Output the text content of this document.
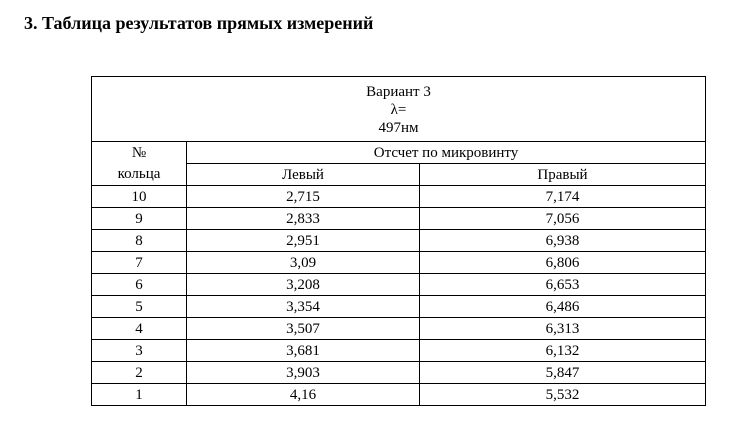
3. Таблица результатов прямых измерений
Вариант 3
λ=
497нм		

№	Отсчет по микровинту	
кольца	Левый	Правый
10	2,715	7,174
9	2,833	7,056
8	2,951	6,938
7	3,09	6,806
6	3,208	6,653
5	3,354	6,486
4	3,507	6,313
3	3,681	6,132
2	3,903	5,847
1	4,16	5,532
